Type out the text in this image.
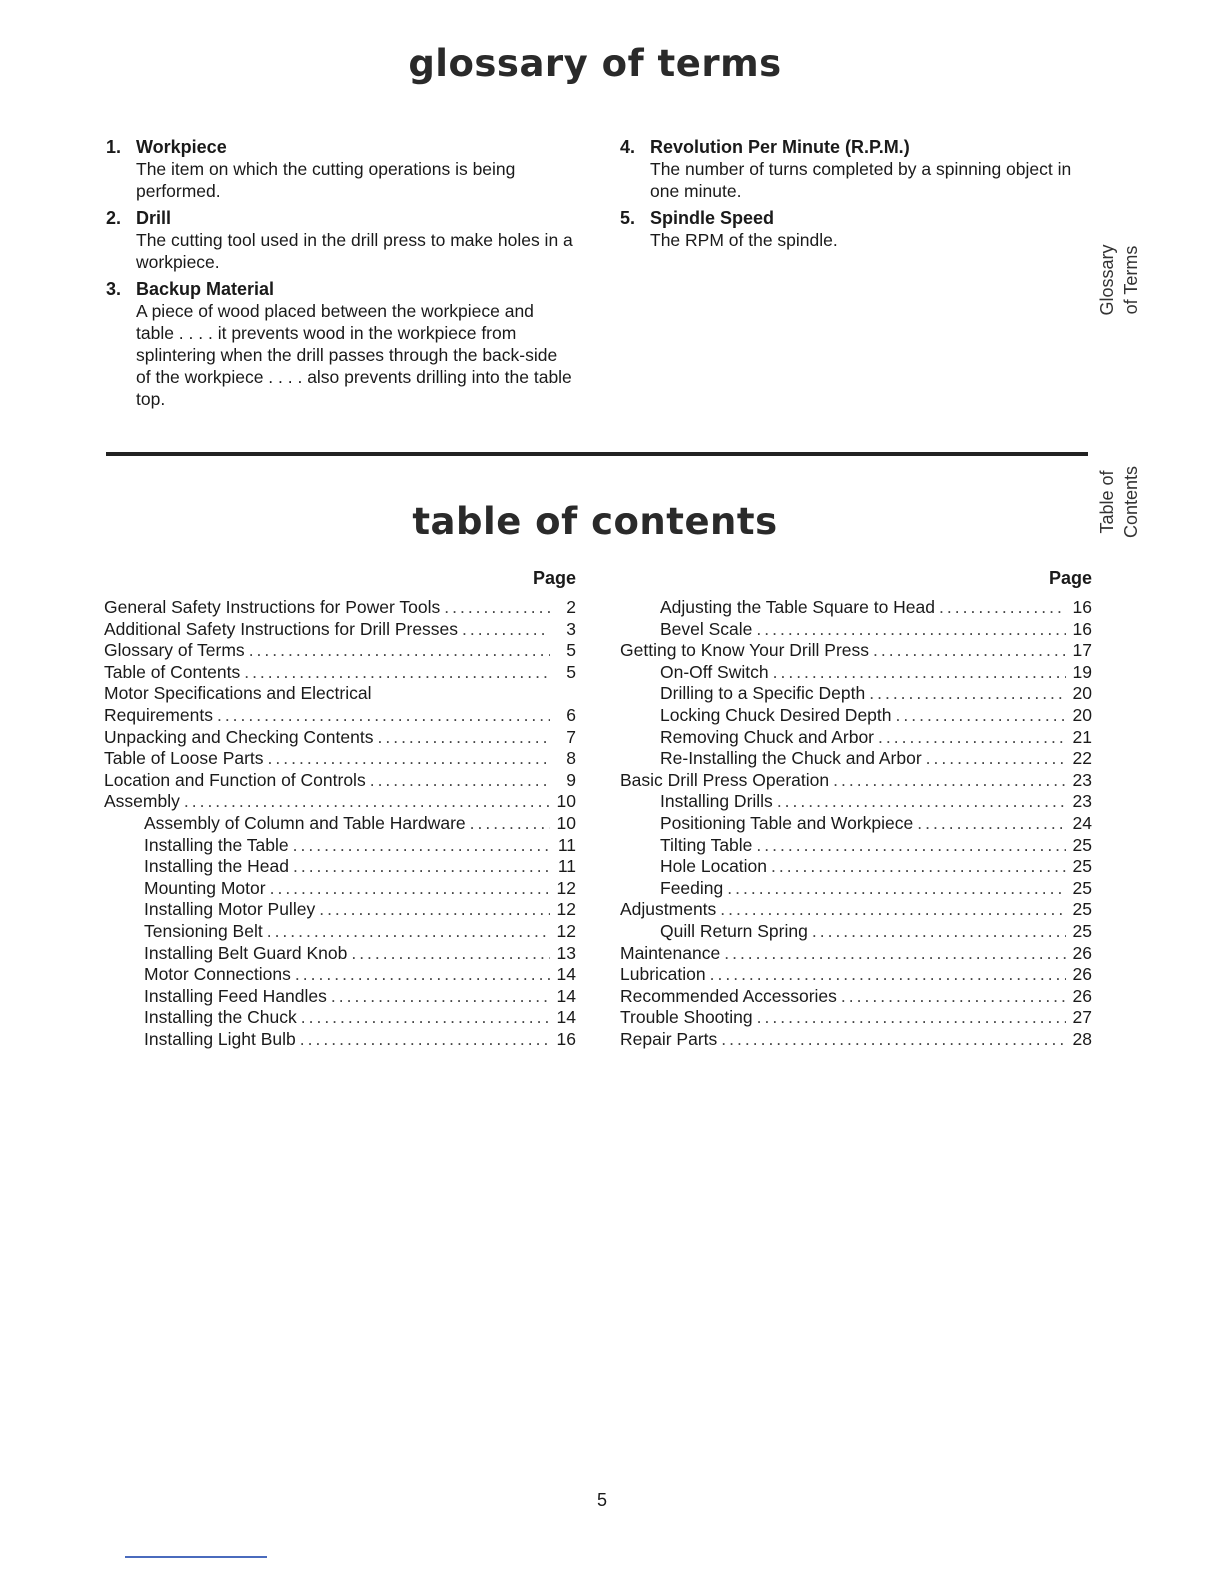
glossary of terms
1. Workpiece
The item on which the cutting operations is being performed.
2. Drill
The cutting tool used in the drill press to make holes in a workpiece.
3. Backup Material
A piece of wood placed between the workpiece and table . . . . it prevents wood in the workpiece from splintering when the drill passes through the back-side of the workpiece . . . . also prevents drilling into the table top.
4. Revolution Per Minute (R.P.M.)
The number of turns completed by a spinning object in one minute.
5. Spindle Speed
The RPM of the spindle.
Glossary of Terms
Table of Contents
table of contents
Page
General Safety Instructions for Power Tools .....	2
Additional Safety Instructions for Drill Presses .....	3
Glossary of Terms .....	5
Table of Contents .....	5
Motor Specifications and Electrical
Requirements .....	6
Unpacking and Checking Contents .....	7
Table of Loose Parts .....	8
Location and Function of Controls .....	9
Assembly .....	10
Assembly of Column and Table Hardware .....	10
Installing the Table .....	11
Installing the Head .....	11
Mounting Motor .....	12
Installing Motor Pulley .....	12
Tensioning Belt .....	12
Installing Belt Guard Knob .....	13
Motor Connections .....	14
Installing Feed Handles .....	14
Installing the Chuck .....	14
Installing Light Bulb .....	16
Page
Adjusting the Table Square to Head .....	16
Bevel Scale .....	16
Getting to Know Your Drill Press .....	17
On-Off Switch .....	19
Drilling to a Specific Depth .....	20
Locking Chuck Desired Depth .....	20
Removing Chuck and Arbor .....	21
Re-Installing the Chuck and Arbor .....	22
Basic Drill Press Operation .....	23
Installing Drills .....	23
Positioning Table and Workpiece .....	24
Tilting Table .....	25
Hole Location .....	25
Feeding .....	25
Adjustments .....	25
Quill Return Spring .....	25
Maintenance .....	26
Lubrication .....	26
Recommended Accessories .....	26
Trouble Shooting .....	27
Repair Parts .....	28
5
